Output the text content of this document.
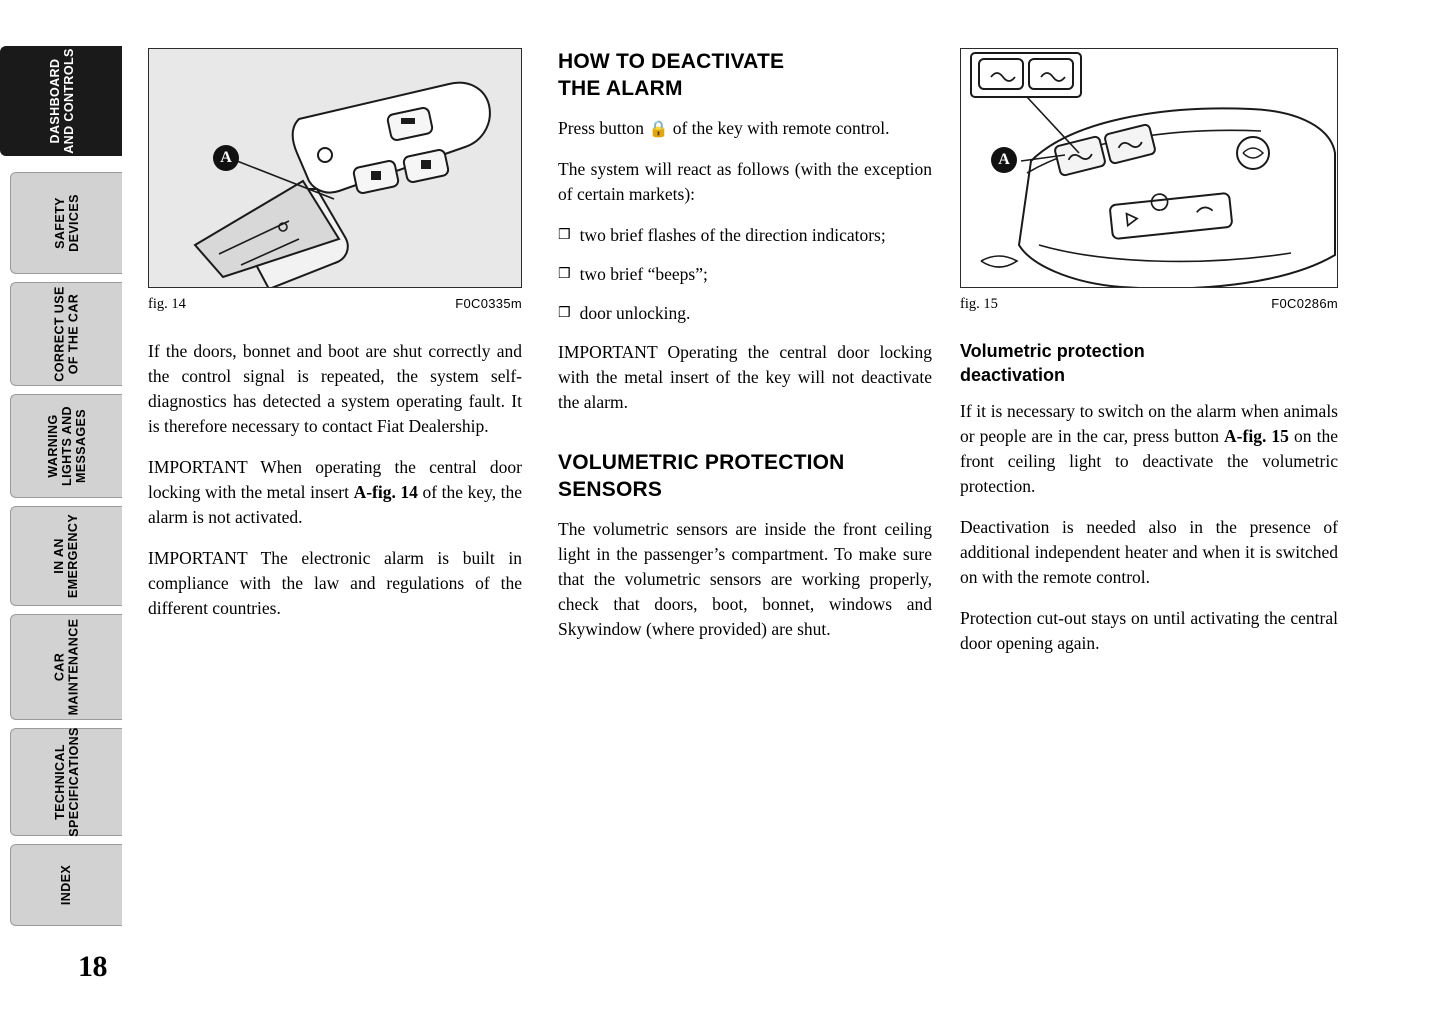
DASHBOARD
AND CONTROLS
SAFETY
DEVICES
CORRECT USE
OF THE CAR
WARNING
LIGHTS AND
MESSAGES
IN AN
EMERGENCY
CAR
MAINTENANCE
TECHNICAL
SPECIFICATIONS
INDEX
18
A
fig. 14	F0C0335m

If the doors, bonnet and boot are shut correctly and the control signal is repeated, the system self-diagnostics has detected a system operating fault. It is therefore necessary to contact Fiat Dealership.

IMPORTANT When operating the central door locking with the metal insert A-fig. 14 of the key, the alarm is not activated.

IMPORTANT The electronic alarm is built in compliance with the law and regulations of the different countries.

HOW TO DEACTIVATE
THE ALARM

Press button 🔒 of the key with remote control.

The system will react as follows (with the exception of certain markets):

❒ two brief flashes of the direction indicators;
❒ two brief “beeps”;
❒ door unlocking.

IMPORTANT Operating the central door locking with the metal insert of the key will not deactivate the alarm.

VOLUMETRIC PROTECTION
SENSORS

The volumetric sensors are inside the front ceiling light in the passenger’s compartment. To make sure that the volumetric sensors are working properly, check that doors, boot, bonnet, windows and Skywindow (where provided) are shut.

A
fig. 15	F0C0286m
Volumetric protection
deactivation

If it is necessary to switch on the alarm when animals or people are in the car, press button A-fig. 15 on the front ceiling light to deactivate the volumetric protection.

Deactivation is needed also in the presence of additional independent heater and when it is switched on with the remote control.

Protection cut-out stays on until activating the central door opening again.
